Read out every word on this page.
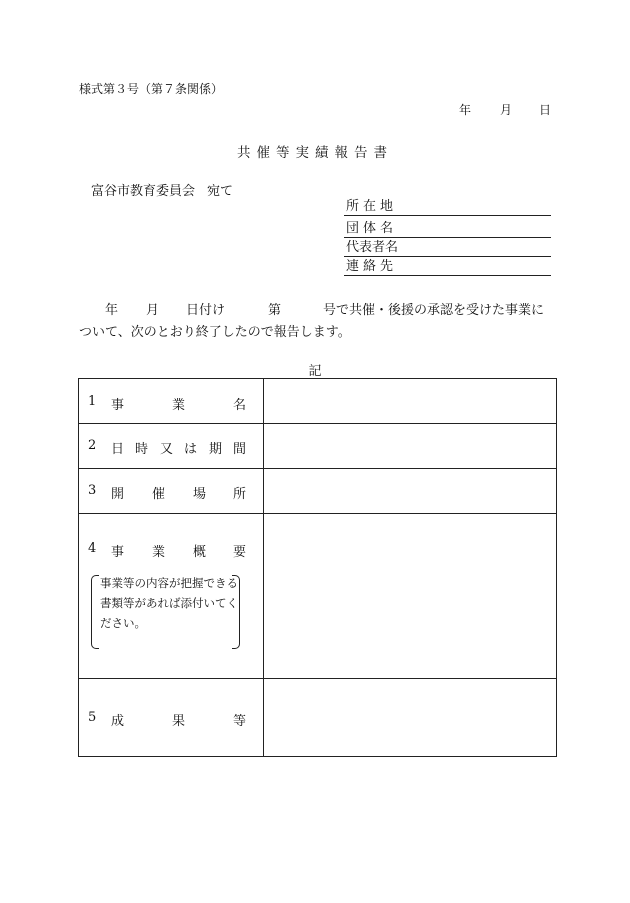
様式第３号（第７条関係）
年 月 日
共催等実績報告書
富谷市教育委員会 宛て
所在地
団体名
代表者名
連絡先
年 月 日付け	第	号で共催・後援の承認を受けた事業に
ついて、次のとおり終了したので報告します。
記
1 事	業	名
2 日 時 又 は 期 間
3 開 催 場 所
4 事 業 概 要
事業等の内容が把握できる書類等があれば添付いてください。
5 成	果	等
